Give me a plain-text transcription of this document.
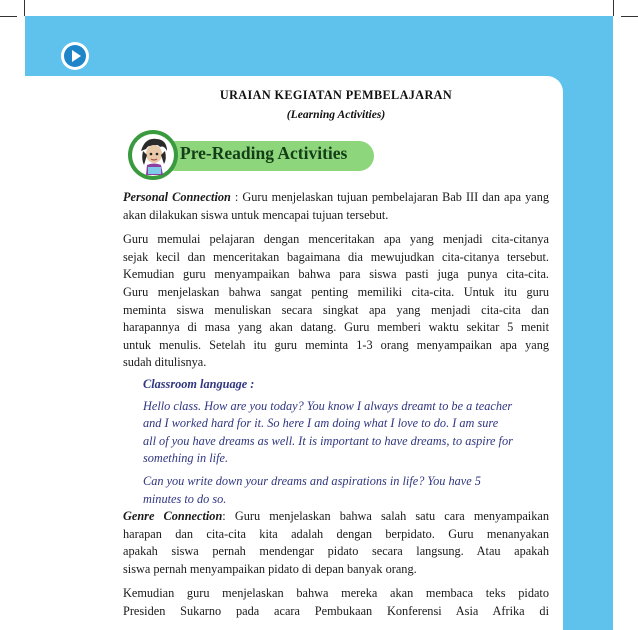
URAIAN KEGIATAN PEMBELAJARAN
(Learning Activities)
Pre-Reading Activities

Personal Connection : Guru menjelaskan tujuan pembelajaran Bab III dan apa yang akan dilakukan siswa untuk mencapai tujuan tersebut.

Guru memulai pelajaran dengan menceritakan apa yang menjadi cita-citanya
sejak kecil dan menceritakan bagaimana dia mewujudkan cita-citanya tersebut.
Kemudian guru menyampaikan bahwa para siswa pasti juga punya cita-cita.
Guru menjelaskan bahwa sangat penting memiliki cita-cita. Untuk itu guru
meminta siswa menuliskan secara singkat apa yang menjadi cita-cita dan
harapannya di masa yang akan datang. Guru memberi waktu sekitar 5 menit
untuk menulis. Setelah itu guru meminta 1-3 orang menyampaikan apa yang
sudah ditulisnya.

Classroom language :

Hello class. How are you today? You know I always dreamt to be a teacher
and I worked hard for it. So here I am doing what I love to do. I am sure
all of you have dreams as well. It is important to have dreams, to aspire for
something in life.

Can you write down your dreams and aspirations in life? You have 5
minutes to do so.

Genre Connection: Guru menjelaskan bahwa salah satu cara menyampaikan
harapan dan cita-cita kita adalah dengan berpidato. Guru menanyakan
apakah siswa pernah mendengar pidato secara langsung. Atau apakah
siswa pernah menyampaikan pidato di depan banyak orang.

Kemudian guru menjelaskan bahwa mereka akan membaca teks pidato
Presiden Sukarno pada acara Pembukaan Konferensi Asia Afrika di
